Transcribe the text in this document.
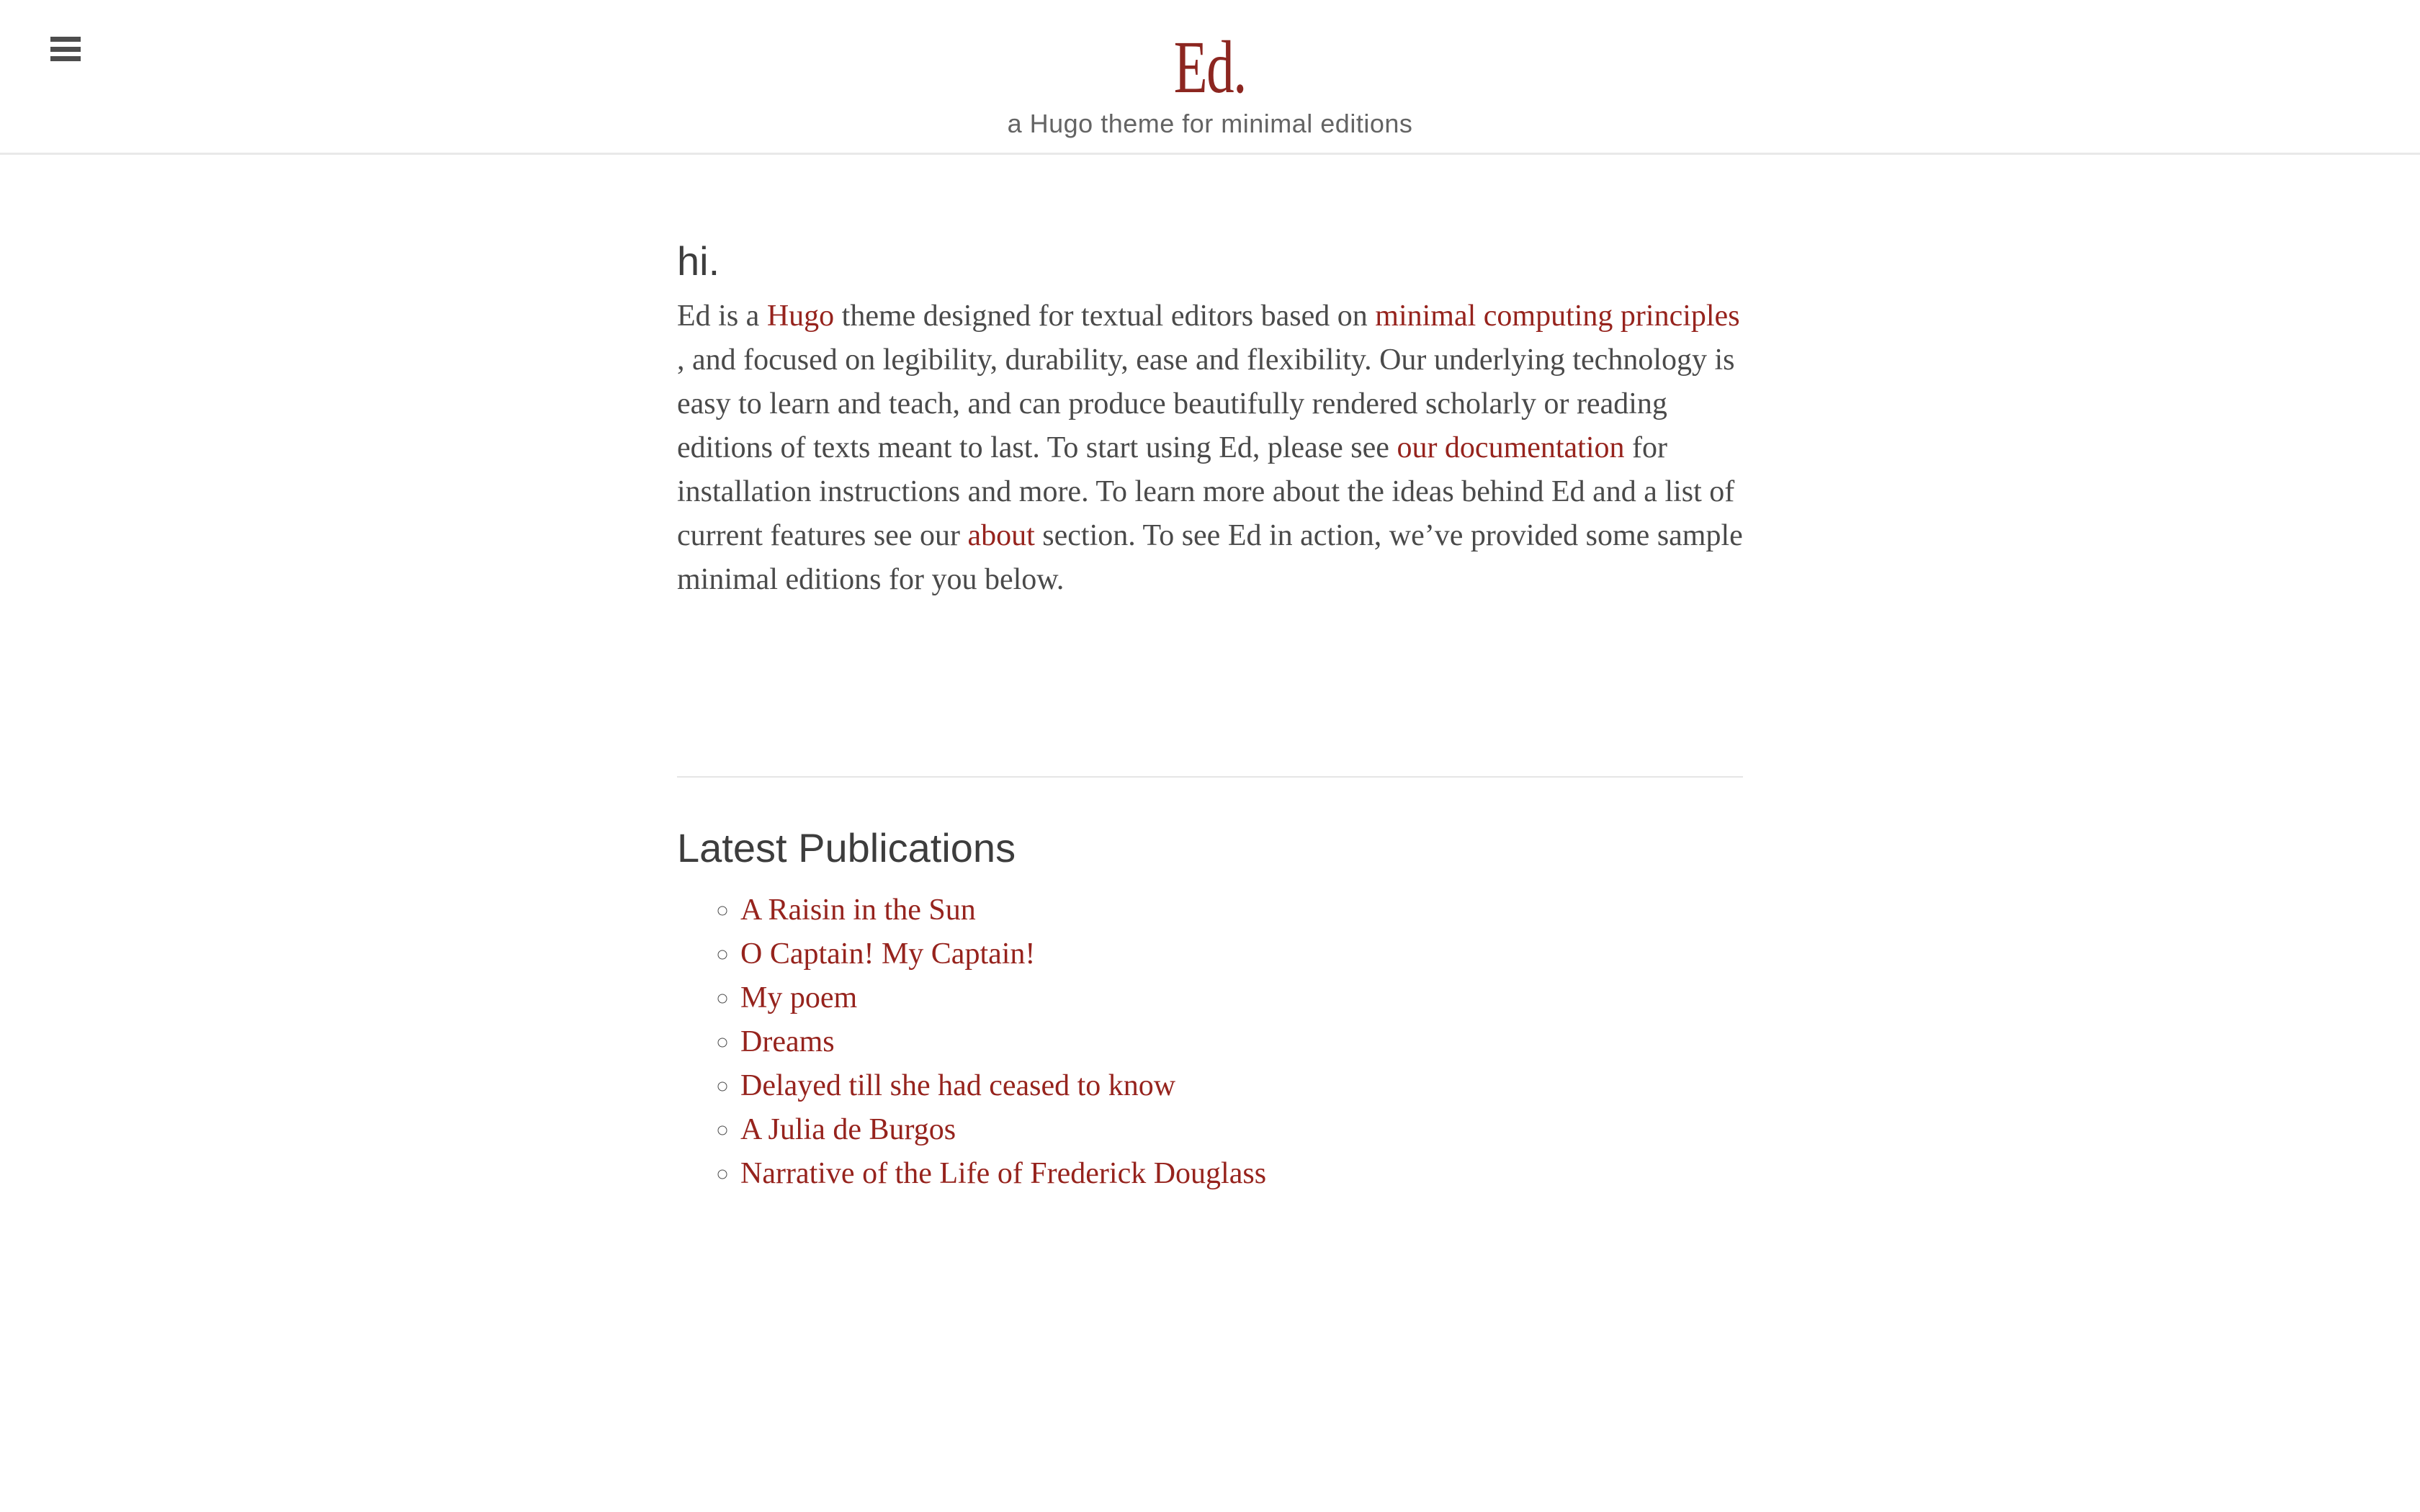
Ed.

a Hugo theme for minimal editions

hi.

Ed is a Hugo theme designed for textual editors based on minimal computing principles , and focused on legibility, durability, ease and flexibility. Our underlying technology is easy to learn and teach, and can produce beautifully rendered scholarly or reading editions of texts meant to last. To start using Ed, please see our documentation for installation instructions and more. To learn more about the ideas behind Ed and a list of current features see our about section. To see Ed in action, we’ve provided some sample minimal editions for you below.

Latest Publications
◦ A Raisin in the Sun
◦ O Captain! My Captain!
◦ My poem
◦ Dreams
◦ Delayed till she had ceased to know
◦ A Julia de Burgos
◦ Narrative of the Life of Frederick Douglass
